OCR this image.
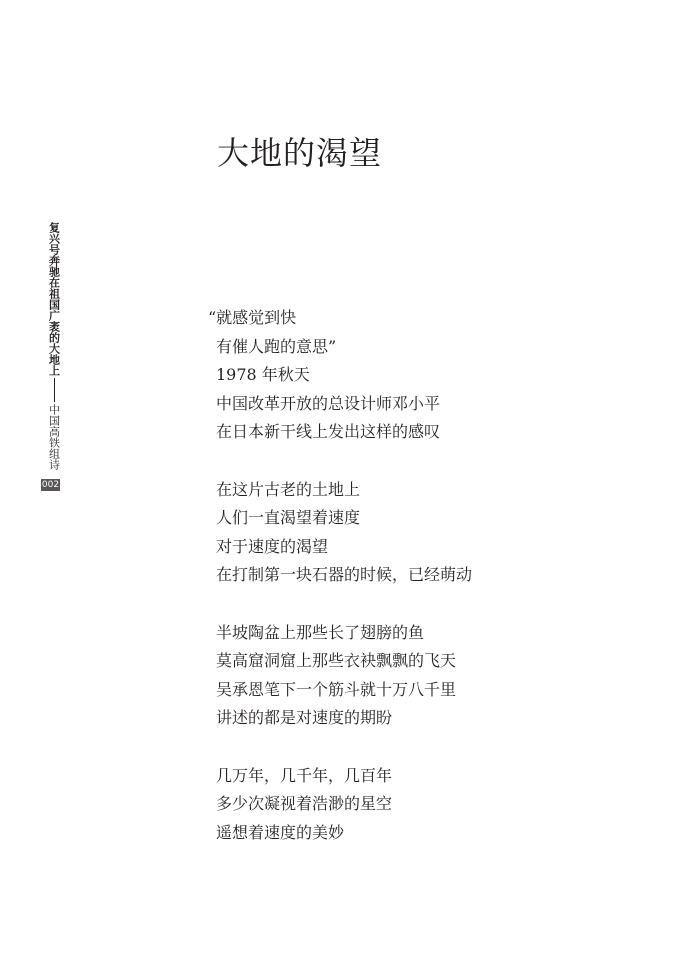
复兴号奔驰在祖国广袤的大地上
中国高铁组诗
002
大地的渴望
“就感觉到快
有催人跑的意思”
1978 年秋天
中国改革开放的总设计师邓小平
在日本新干线上发出这样的感叹
在这片古老的土地上
人们一直渴望着速度
对于速度的渴望
在打制第一块石器的时候，已经萌动
半坡陶盆上那些长了翅膀的鱼
莫高窟洞窟上那些衣袂飘飘的飞天
吴承恩笔下一个筋斗就十万八千里
讲述的都是对速度的期盼
几万年，几千年，几百年
多少次凝视着浩渺的星空
遥想着速度的美妙
